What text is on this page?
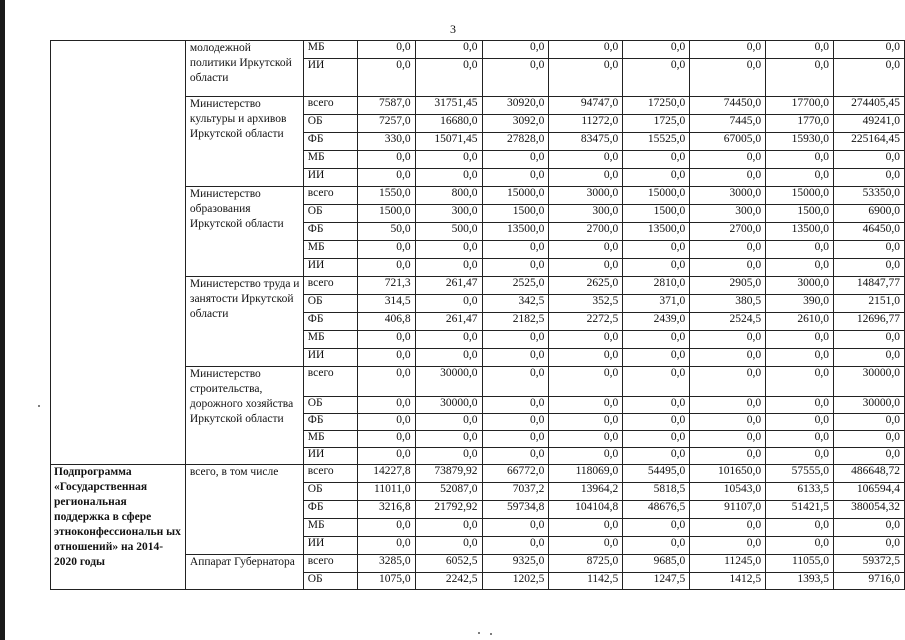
3
	молодежной политики Иркутской области	МБ	0,0	0,0	0,0	0,0	0,0	0,0	0,0	0,0
		ИИ	0,0	0,0	0,0	0,0	0,0	0,0	0,0	0,0
	Министерство культуры и архивов Иркутской области	всего	7587,0	31751,45	30920,0	94747,0	17250,0	74450,0	17700,0	274405,45
		ОБ	7257,0	16680,0	3092,0	11272,0	1725,0	7445,0	1770,0	49241,0
		ФБ	330,0	15071,45	27828,0	83475,0	15525,0	67005,0	15930,0	225164,45
		МБ	0,0	0,0	0,0	0,0	0,0	0,0	0,0	0,0
		ИИ	0,0	0,0	0,0	0,0	0,0	0,0	0,0	0,0
	Министерство образования Иркутской области	всего	1550,0	800,0	15000,0	3000,0	15000,0	3000,0	15000,0	53350,0
		ОБ	1500,0	300,0	1500,0	300,0	1500,0	300,0	1500,0	6900,0
		ФБ	50,0	500,0	13500,0	2700,0	13500,0	2700,0	13500,0	46450,0
		МБ	0,0	0,0	0,0	0,0	0,0	0,0	0,0	0,0
		ИИ	0,0	0,0	0,0	0,0	0,0	0,0	0,0	0,0
	Министерство труда и занятости Иркутской области	всего	721,3	261,47	2525,0	2625,0	2810,0	2905,0	3000,0	14847,77
		ОБ	314,5	0,0	342,5	352,5	371,0	380,5	390,0	2151,0
		ФБ	406,8	261,47	2182,5	2272,5	2439,0	2524,5	2610,0	12696,77
		МБ	0,0	0,0	0,0	0,0	0,0	0,0	0,0	0,0
		ИИ	0,0	0,0	0,0	0,0	0,0	0,0	0,0	0,0
	Министерство строительства, дорожного хозяйства Иркутской области	всего	0,0	30000,0	0,0	0,0	0,0	0,0	0,0	30000,0
		ОБ	0,0	30000,0	0,0	0,0	0,0	0,0	0,0	30000,0
		ФБ	0,0	0,0	0,0	0,0	0,0	0,0	0,0	0,0
		МБ	0,0	0,0	0,0	0,0	0,0	0,0	0,0	0,0
		ИИ	0,0	0,0	0,0	0,0	0,0	0,0	0,0	0,0
Подпрограмма «Государственная региональная поддержка в сфере этноконфессиональн ых отношений» на 2014-2020 годы	всего, в том числе	всего	14227,8	73879,92	66772,0	118069,0	54495,0	101650,0	57555,0	486648,72
		ОБ	11011,0	52087,0	7037,2	13964,2	5818,5	10543,0	6133,5	106594,4
		ФБ	3216,8	21792,92	59734,8	104104,8	48676,5	91107,0	51421,5	380054,32
		МБ	0,0	0,0	0,0	0,0	0,0	0,0	0,0	0,0
		ИИ	0,0	0,0	0,0	0,0	0,0	0,0	0,0	0,0
	Аппарат Губернатора	всего	3285,0	6052,5	9325,0	8725,0	9685,0	11245,0	11055,0	59372,5
		ОБ	1075,0	2242,5	1202,5	1142,5	1247,5	1412,5	1393,5	9716,0
